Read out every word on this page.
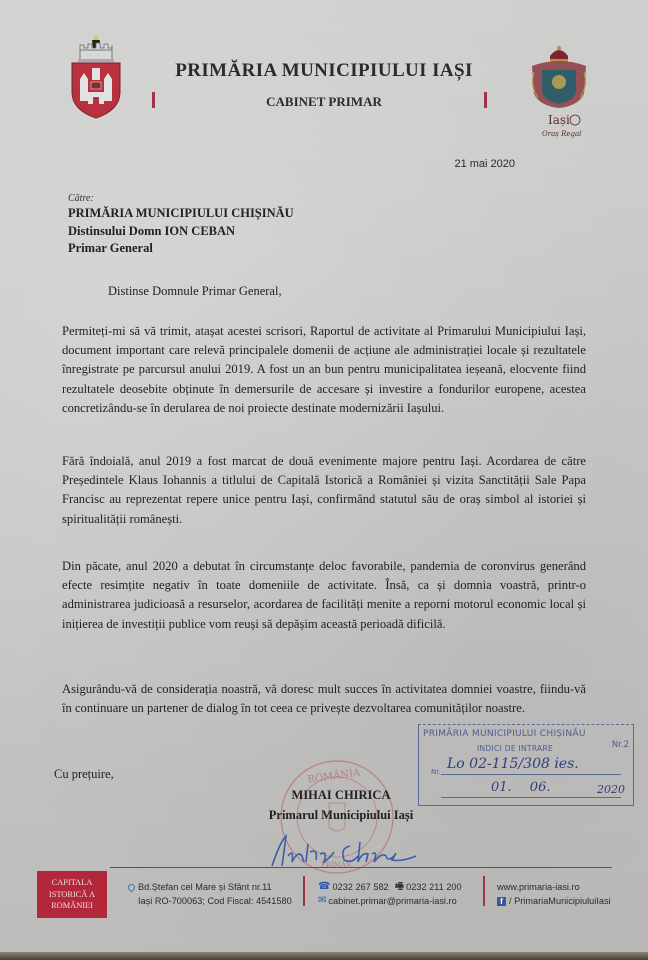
PRIMĂRIA MUNICIPIULUI IAȘI
CABINET PRIMAR
Iași
Oraș Regal
21 mai 2020
Către:
PRIMĂRIA MUNICIPIULUI CHIȘINĂU
Distinsului Domn ION CEBAN
Primar General
Distinse Domnule Primar General,
Permiteți-mi să vă trimit, atașat acestei scrisori, Raportul de activitate al Primarului Municipiului Iași, document important care relevă principalele domenii de acțiune ale administrației locale și rezultatele înregistrate pe parcursul anului 2019. A fost un an bun pentru municipalitatea ieșeană, elocvente fiind rezultatele deosebite obținute în demersurile de accesare și investire a fondurilor europene, acestea concretizându-se în derularea de noi proiecte destinate modernizării Iașului.
Fără îndoială, anul 2019 a fost marcat de două evenimente majore pentru Iași. Acordarea de către Președintele Klaus Iohannis a titlului de Capitală Istorică a României și vizita Sanctității Sale Papa Francisc au reprezentat repere unice pentru Iași, confirmând statutul său de oraș simbol al istoriei și spiritualității românești.
Din păcate, anul 2020 a debutat în circumstanțe deloc favorabile, pandemia de coronvirus generând efecte resimțite negativ în toate domeniile de activitate. Însă, ca și domnia voastră, printr-o administrarea judicioasă a resurselor, acordarea de facilități menite a reporni motorul economic local și inițierea de investiții publice vom reuși să depășim această perioadă dificilă.
Asigurându-vă de considerația noastră, vă doresc mult succes în activitatea domniei voastre, fiindu-vă în continuare un partener de dialog în tot ceea ce privește dezvoltarea comunităților noastre.
Cu prețuire,	ROMÂNIA
PRIMAR
MIHAI CHIRICA
Primarul Municipiului Iași
PRIMĂRIA MUNICIPIULUI CHIȘINĂU
Nr.2
INDICI DE INTRARE
Nr. Lo 02-115/308 ies.
01. 06.	2020
CAPITALA
ISTORICĂ A
ROMÂNIEI
Bd.Ștefan cel Mare și Sfânt nr.11
Iași RO-700063; Cod Fiscal: 4541580
☎ 0232 267 582 🖷 0232 211 200
✉ cabinet.primar@primaria-iasi.ro
www.primaria-iasi.ro
f / PrimariaMunicipiuluiIasi
